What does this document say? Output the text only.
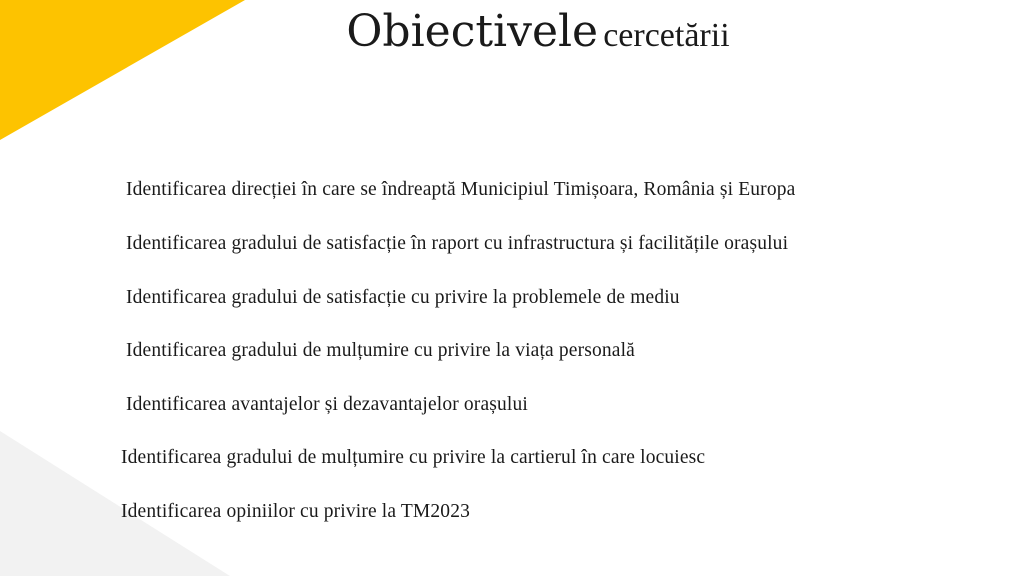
Obiectivele cercetării
Identificarea direcției în care se îndreaptă Municipiul Timișoara, România și Europa
Identificarea gradului de satisfacție în raport cu infrastructura și facilitățile orașului
Identificarea gradului de satisfacție cu privire la problemele de mediu
Identificarea gradului de mulțumire cu privire la viața personală
Identificarea avantajelor și dezavantajelor orașului
Identificarea gradului de mulțumire cu privire la cartierul în care locuiesc
Identificarea opiniilor cu privire la TM2023
